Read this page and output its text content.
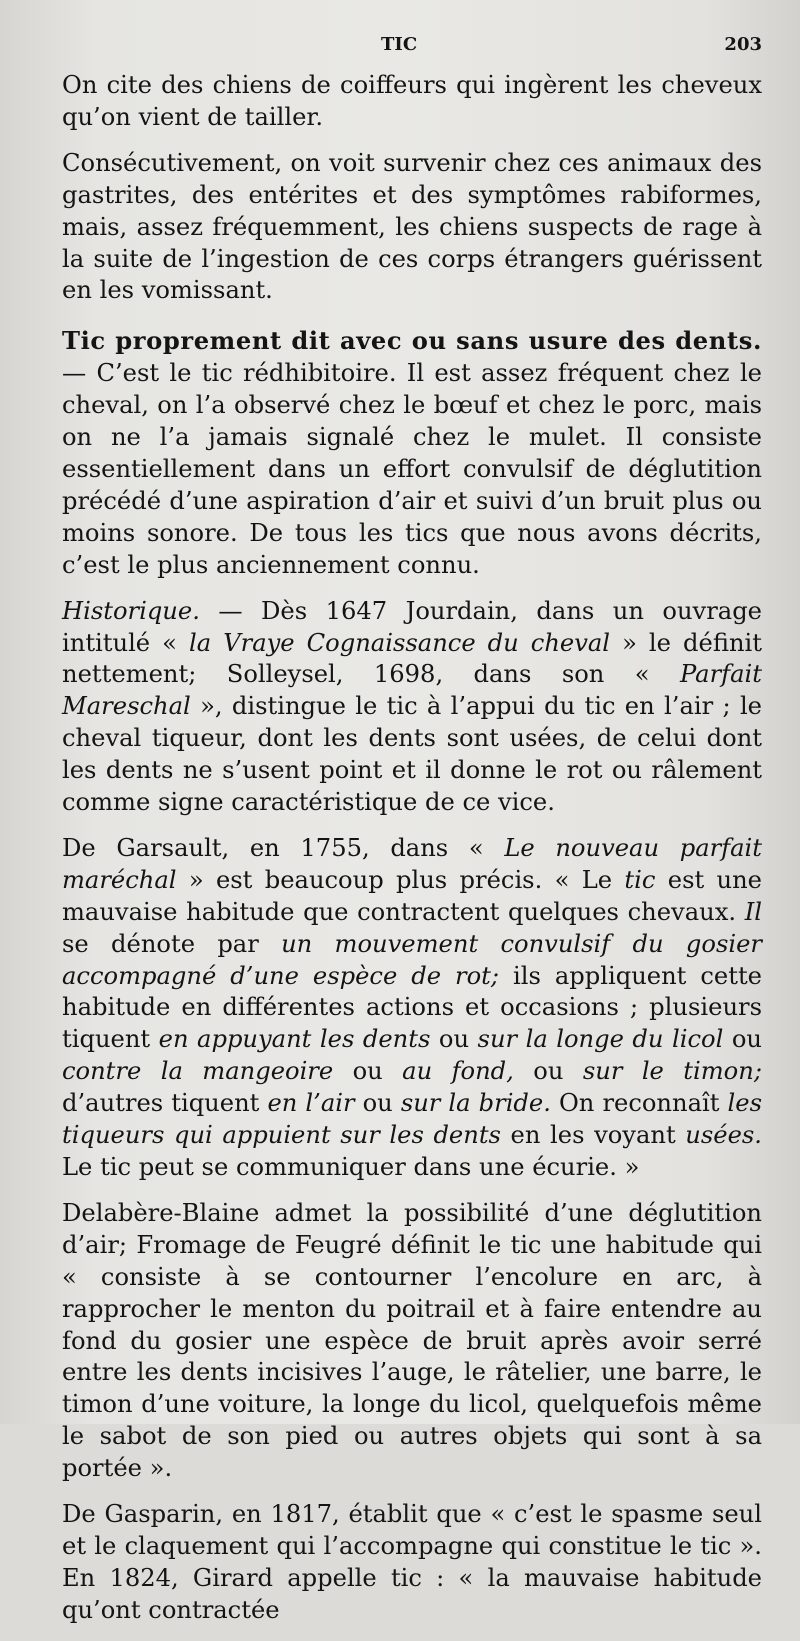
TIC	203

On cite des chiens de coiffeurs qui ingèrent les cheveux qu’on vient de tailler.

Consécutivement, on voit survenir chez ces animaux des gastrites, des entérites et des symptômes rabiformes, mais, assez fréquemment, les chiens suspects de rage à la suite de l’ingestion de ces corps étrangers guérissent en les vomissant.

Tic proprement dit avec ou sans usure des dents. — C’est le tic rédhibitoire. Il est assez fréquent chez le cheval, on l’a observé chez le bœuf et chez le porc, mais on ne l’a jamais signalé chez le mulet. Il consiste essentiellement dans un effort convulsif de déglutition précédé d’une aspiration d’air et suivi d’un bruit plus ou moins sonore. De tous les tics que nous avons décrits, c’est le plus anciennement connu.

Historique. — Dès 1647 Jourdain, dans un ouvrage intitulé « la Vraye Cognaissance du cheval » le définit nettement; Solleysel, 1698, dans son « Parfait Mareschal », distingue le tic à l’appui du tic en l’air ; le cheval tiqueur, dont les dents sont usées, de celui dont les dents ne s’usent point et il donne le rot ou râlement comme signe caractéristique de ce vice.

De Garsault, en 1755, dans « Le nouveau parfait maréchal » est beaucoup plus précis. « Le tic est une mauvaise habitude que contractent quelques chevaux. Il se dénote par un mouvement convulsif du gosier accompagné d’une espèce de rot; ils appliquent cette habitude en différentes actions et occasions ; plusieurs tiquent en appuyant les dents ou sur la longe du licol ou contre la mangeoire ou au fond, ou sur le timon; d’autres tiquent en l’air ou sur la bride. On reconnaît les tiqueurs qui appuient sur les dents en les voyant usées. Le tic peut se communiquer dans une écurie. »

Delabère-Blaine admet la possibilité d’une déglutition d’air; Fromage de Feugré définit le tic une habitude qui « consiste à se contourner l’encolure en arc, à rapprocher le menton du poitrail et à faire entendre au fond du gosier une espèce de bruit après avoir serré entre les dents incisives l’auge, le râtelier, une barre, le timon d’une voiture, la longe du licol, quelquefois même le sabot de son pied ou autres objets qui sont à sa portée ».

De Gasparin, en 1817, établit que « c’est le spasme seul et le claquement qui l’accompagne qui constitue le tic ». En 1824, Girard appelle tic : « la mauvaise habitude qu’ont contractée
